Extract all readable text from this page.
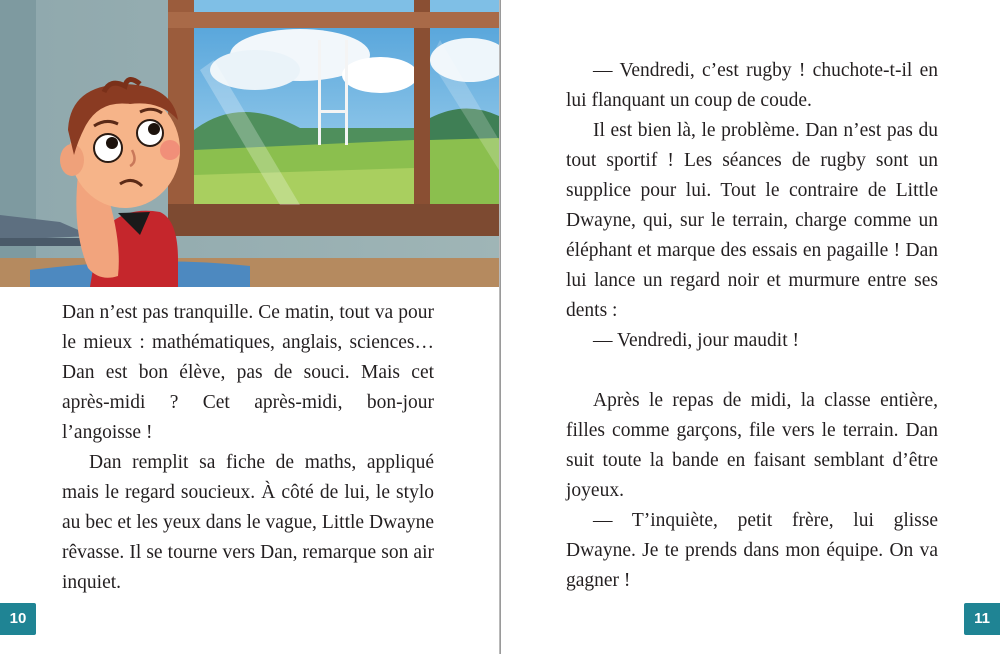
Dan n’est pas tranquille. Ce matin, tout va pour le mieux : mathématiques, anglais, sciences… Dan est bon élève, pas de souci. Mais cet après-midi ? Cet après-midi, bon-jour l’angoisse !

Dan remplit sa fiche de maths, appliqué mais le regard soucieux. À côté de lui, le stylo au bec et les yeux dans le vague, Little Dwayne rêvasse. Il se tourne vers Dan, remarque son air inquiet.

10	11

— Vendredi, c’est rugby ! chuchote-t-il en lui flanquant un coup de coude.

Il est bien là, le problème. Dan n’est pas du tout sportif ! Les séances de rugby sont un supplice pour lui. Tout le contraire de Little Dwayne, qui, sur le terrain, charge comme un éléphant et marque des essais en pagaille ! Dan lui lance un regard noir et murmure entre ses dents :

— Vendredi, jour maudit !

Après le repas de midi, la classe entière, filles comme garçons, file vers le terrain. Dan suit toute la bande en faisant semblant d’être joyeux.

— T’inquiète, petit frère, lui glisse Dwayne. Je te prends dans mon équipe. On va gagner !
